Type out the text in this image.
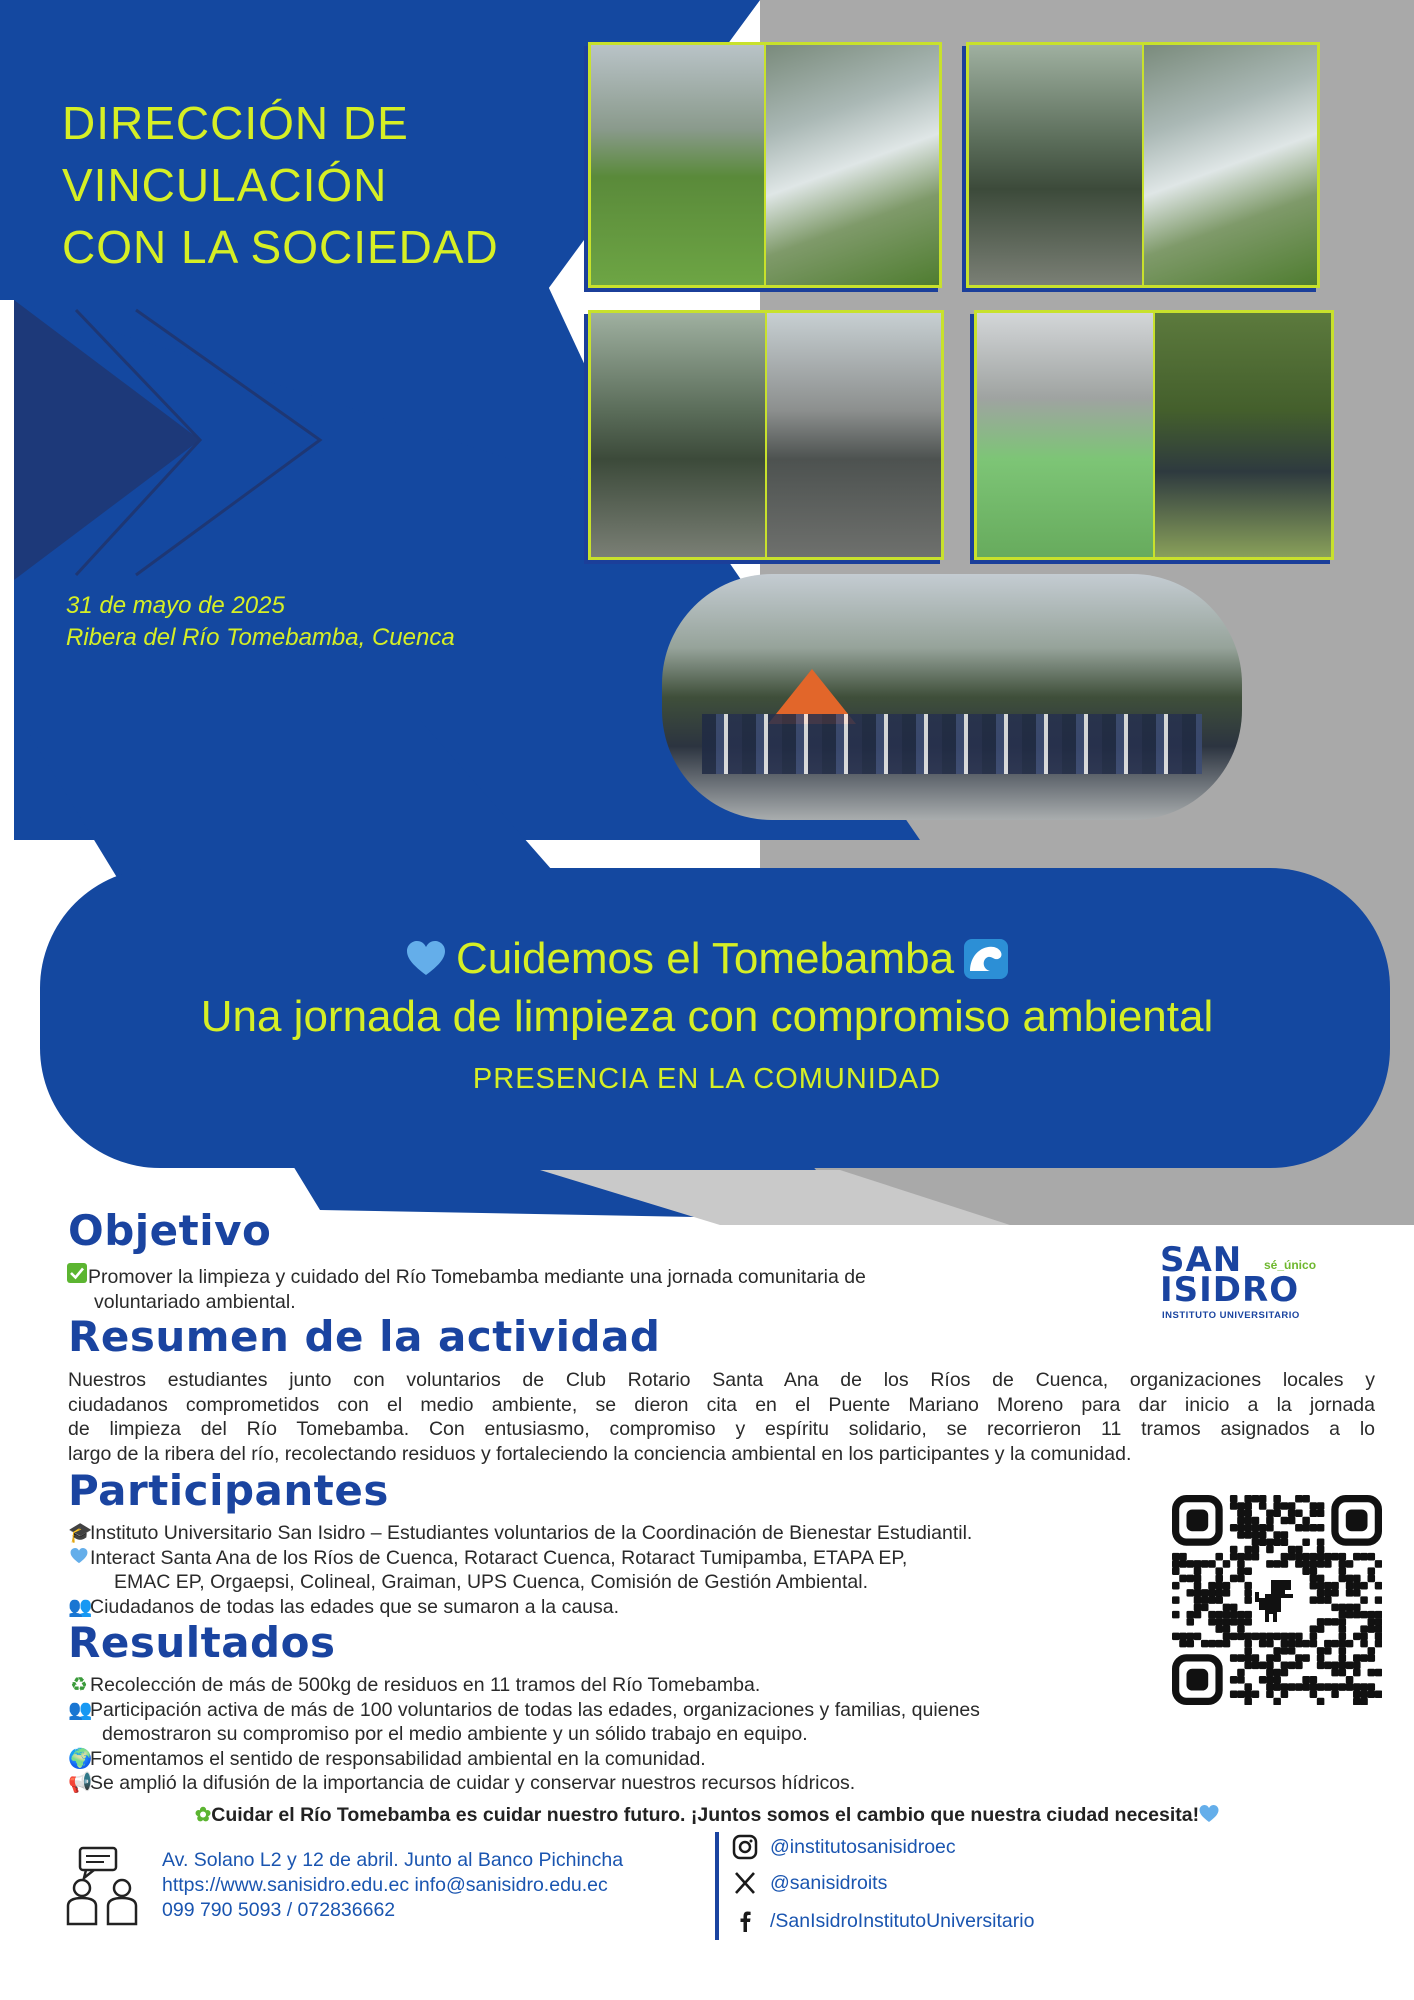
DIRECCIÓN DE
VINCULACIÓN
CON LA SOCIEDAD
31 de mayo de 2025
Ribera del Río Tomebamba, Cuenca
Cuidemos el Tomebamba
Una jornada de limpieza con compromiso ambiental
PRESENCIA EN LA COMUNIDAD
Objetivo
Promover la limpieza y cuidado del Río Tomebamba mediante una jornada comunitaria de
voluntariado ambiental.
SAN sé_único
ISIDRO
INSTITUTO UNIVERSITARIO
Resumen de la actividad
Nuestros estudiantes junto con voluntarios de Club Rotario Santa Ana de los Ríos de Cuenca, organizaciones locales y
ciudadanos comprometidos con el medio ambiente, se dieron cita en el Puente Mariano Moreno para dar inicio a la jornada
de limpieza del Río Tomebamba. Con entusiasmo, compromiso y espíritu solidario, se recorrieron 11 tramos asignados a lo
largo de la ribera del río, recolectando residuos y fortaleciendo la conciencia ambiental en los participantes y la comunidad.
Participantes
🎓Instituto Universitario San Isidro – Estudiantes voluntarios de la Coordinación de Bienestar Estudiantil.
Interact Santa Ana de los Ríos de Cuenca, Rotaract Cuenca, Rotaract Tumipamba, ETAPA EP,
EMAC EP, Orgaepsi, Colineal, Graiman, UPS Cuenca, Comisión de Gestión Ambiental.
👥Ciudadanos de todas las edades que se sumaron a la causa.
Resultados
♻ Recolección de más de 500kg de residuos en 11 tramos del Río Tomebamba.
👥Participación activa de más de 100 voluntarios de todas las edades, organizaciones y familias, quienes
demostraron su compromiso por el medio ambiente y un sólido trabajo en equipo.
🌍Fomentamos el sentido de responsabilidad ambiental en la comunidad.
📢Se amplió la difusión de la importancia de cuidar y conservar nuestros recursos hídricos.
✿Cuidar el Río Tomebamba es cuidar nuestro futuro. ¡Juntos somos el cambio que nuestra ciudad necesita!
Av. Solano L2 y 12 de abril. Junto al Banco Pichincha
https://www.sanisidro.edu.ec info@sanisidro.edu.ec
099 790 5093 / 072836662
@institutosanisidroec
@sanisidroits
/SanIsidroInstitutoUniversitario
